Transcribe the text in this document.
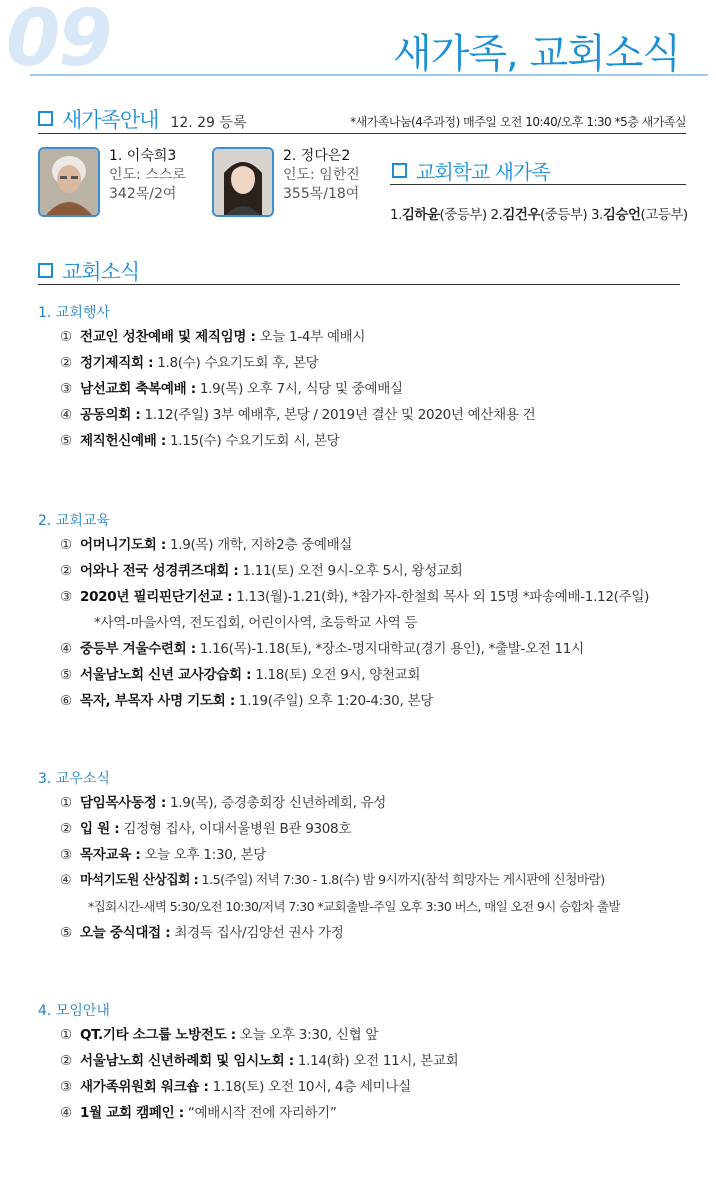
09	새가족, 교회소식
새가족안내 12. 29 등록	*새가족나눔(4주과정) 매주일 오전 10:40/오후 1:30 *5층 새가족실
1. 이숙희3
인도: 스스로
342목/2여
2. 정다은2
인도: 임한진
355목/18여
교회학교 새가족
1.김하윤(중등부) 2.김건우(중등부) 3.김승언(고등부)
교회소식
1. 교회행사
① 전교인 성찬예배 및 제직임명 : 오늘 1-4부 예배시
② 정기제직회 : 1.8(수) 수요기도회 후, 본당
③ 남선교회 축복예배 : 1.9(목) 오후 7시, 식당 및 중예배실
④ 공동의회 : 1.12(주일) 3부 예배후, 본당 / 2019년 결산 및 2020년 예산채용 건
⑤ 제직헌신예배 : 1.15(수) 수요기도회 시, 본당
2. 교회교육
① 어머니기도회 : 1.9(목) 개학, 지하2층 중예배실
② 어와나 전국 성경퀴즈대회 : 1.11(토) 오전 9시-오후 5시, 왕성교회
③ 2020년 필리핀단기선교 : 1.13(월)-1.21(화), *참가자-한철희 목사 외 15명 *파송예배-1.12(주일)
*사역-마을사역, 전도집회, 어린이사역, 초등학교 사역 등
④ 중등부 겨울수련회 : 1.16(목)-1.18(토), *장소-명지대학교(경기 용인), *출발-오전 11시
⑤ 서울남노회 신년 교사강습회 : 1.18(토) 오전 9시, 양천교회
⑥ 목자, 부목자 사명 기도회 : 1.19(주일) 오후 1:20-4:30, 본당
3. 교우소식
① 담임목사동정 : 1.9(목), 증경총회장 신년하례회, 유성
② 입 원 : 김정형 집사, 이대서울병원 B관 9308호
③ 목자교육 : 오늘 오후 1:30, 본당
④ 마석기도원 산상집회 : 1.5(주일) 저녁 7:30 - 1.8(수) 밤 9시까지(참석 희망자는 게시판에 신청바람)
*집회시간-새벽 5:30/오전 10:30/저녁 7:30 *교회출발-주일 오후 3:30 버스, 매일 오전 9시 승합차 출발
⑤ 오늘 중식대접 : 최경득 집사/김양선 권사 가정
4. 모임안내
① QT.기타 소그룹 노방전도 : 오늘 오후 3:30, 신협 앞
② 서울남노회 신년하례회 및 임시노회 : 1.14(화) 오전 11시, 본교회
③ 새가족위원회 워크숍 : 1.18(토) 오전 10시, 4층 세미나실
④ 1월 교회 캠페인 : “예배시작 전에 자리하기”
